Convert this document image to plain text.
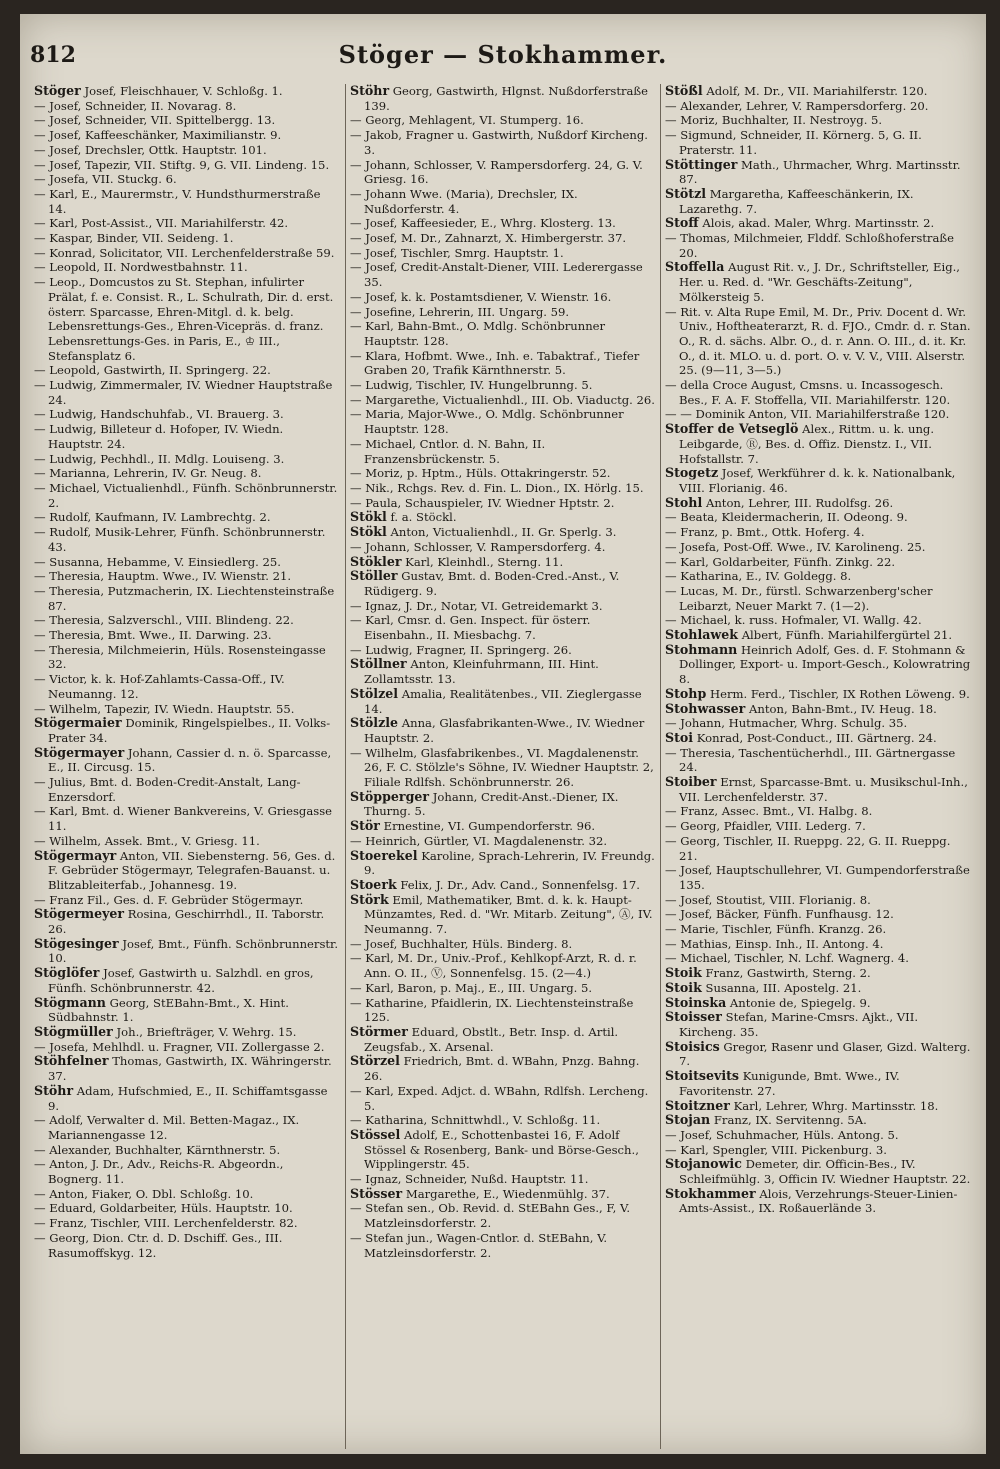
812	Stöger — Stokhammer.

Stöger Josef, Fleischhauer, V. Schloßg. 1.

— Josef, Schneider, II. Novarag. 8.

— Josef, Schneider, VII. Spittelbergg. 13.

— Josef, Kaffeeschänker, Maximilianstr. 9.

— Josef, Drechsler, Ottk. Hauptstr. 101.

— Josef, Tapezir, VII. Stiftg. 9, G. VII. Lindeng. 15.

— Josefa, VII. Stuckg. 6.

— Karl, E., Maurermstr., V. Hundsthurmerstraße 14.

— Karl, Post-Assist., VII. Mariahilferstr. 42.

— Kaspar, Binder, VII. Seideng. 1.

— Konrad, Solicitator, VII. Lerchenfelderstraße 59.

— Leopold, II. Nordwestbahnstr. 11.

— Leop., Domcustos zu St. Stephan, infulirter Prälat, f. e. Consist. R., L. Schulrath, Dir. d. erst. österr. Sparcasse, Ehren-Mitgl. d. k. belg. Lebensrettungs-Ges., Ehren-Vicepräs. d. franz. Lebensrettungs-Ges. in Paris, E., ♔ III., Stefansplatz 6.

— Leopold, Gastwirth, II. Springerg. 22.

— Ludwig, Zimmermaler, IV. Wiedner Hauptstraße 24.

— Ludwig, Handschuhfab., VI. Brauerg. 3.

— Ludwig, Billeteur d. Hofoper, IV. Wiedn. Hauptstr. 24.

— Ludwig, Pechhdl., II. Mdlg. Louiseng. 3.

— Marianna, Lehrerin, IV. Gr. Neug. 8.

— Michael, Victualienhdl., Fünfh. Schönbrunnerstr. 2.

— Rudolf, Kaufmann, IV. Lambrechtg. 2.

— Rudolf, Musik-Lehrer, Fünfh. Schönbrunnerstr. 43.

— Susanna, Hebamme, V. Einsiedlerg. 25.

— Theresia, Hauptm. Wwe., IV. Wienstr. 21.

— Theresia, Putzmacherin, IX. Liechtensteinstraße 87.

— Theresia, Salzverschl., VIII. Blindeng. 22.

— Theresia, Bmt. Wwe., II. Darwing. 23.

— Theresia, Milchmeierin, Hüls. Rosensteingasse 32.

— Victor, k. k. Hof-Zahlamts-Cassa-Off., IV. Neumanng. 12.

— Wilhelm, Tapezir, IV. Wiedn. Hauptstr. 55.

Stögermaier Dominik, Ringelspielbes., II. Volks-Prater 34.

Stögermayer Johann, Cassier d. n. ö. Sparcasse, E., II. Circusg. 15.

— Julius, Bmt. d. Boden-Credit-Anstalt, Lang-Enzersdorf.

— Karl, Bmt. d. Wiener Bankvereins, V. Griesgasse 11.

— Wilhelm, Assek. Bmt., V. Griesg. 11.

Stögermayr Anton, VII. Siebensterng. 56, Ges. d. F. Gebrüder Stögermayr, Telegrafen-Bauanst. u. Blitzableiterfab., Johannesg. 19.

— Franz Fil., Ges. d. F. Gebrüder Stögermayr.

Stögermeyer Rosina, Geschirrhdl., II. Taborstr. 26.

Stögesinger Josef, Bmt., Fünfh. Schönbrunnerstr. 10.

Stöglöfer Josef, Gastwirth u. Salzhdl. en gros, Fünfh. Schönbrunnerstr. 42.

Stögmann Georg, StEBahn-Bmt., X. Hint. Südbahnstr. 1.

Stögmüller Joh., Briefträger, V. Wehrg. 15.

— Josefa, Mehlhdl. u. Fragner, VII. Zollergasse 2.

Stöhfelner Thomas, Gastwirth, IX. Währingerstr. 37.

Stöhr Adam, Hufschmied, E., II. Schiffamtsgasse 9.

— Adolf, Verwalter d. Mil. Betten-Magaz., IX. Mariannengasse 12.

— Alexander, Buchhalter, Kärnthnerstr. 5.

— Anton, J. Dr., Adv., Reichs-R. Abgeordn., Bognerg. 11.

— Anton, Fiaker, O. Dbl. Schloßg. 10.

— Eduard, Goldarbeiter, Hüls. Hauptstr. 10.

— Franz, Tischler, VIII. Lerchenfelderstr. 82.

— Georg, Dion. Ctr. d. D. Dschiff. Ges., III. Rasumoffskyg. 12.

Stöhr Georg, Gastwirth, Hlgnst. Nußdorferstraße 139.

— Georg, Mehlagent, VI. Stumperg. 16.

— Jakob, Fragner u. Gastwirth, Nußdorf Kircheng. 3.

— Johann, Schlosser, V. Rampersdorferg. 24, G. V. Griesg. 16.

— Johann Wwe. (Maria), Drechsler, IX. Nußdorferstr. 4.

— Josef, Kaffeesieder, E., Whrg. Klosterg. 13.

— Josef, M. Dr., Zahnarzt, X. Himbergerstr. 37.

— Josef, Tischler, Smrg. Hauptstr. 1.

— Josef, Credit-Anstalt-Diener, VIII. Lederergasse 35.

— Josef, k. k. Postamtsdiener, V. Wienstr. 16.

— Josefine, Lehrerin, III. Ungarg. 59.

— Karl, Bahn-Bmt., O. Mdlg. Schönbrunner Hauptstr. 128.

— Klara, Hofbmt. Wwe., Inh. e. Tabaktraf., Tiefer Graben 20, Trafik Kärnthnerstr. 5.

— Ludwig, Tischler, IV. Hungelbrunng. 5.

— Margarethe, Victualienhdl., III. Ob. Viaductg. 26.

— Maria, Major-Wwe., O. Mdlg. Schönbrunner Hauptstr. 128.

— Michael, Cntlor. d. N. Bahn, II. Franzensbrückenstr. 5.

— Moriz, p. Hptm., Hüls. Ottakringerstr. 52.

— Nik., Rchgs. Rev. d. Fin. L. Dion., IX. Hörlg. 15.

— Paula, Schauspieler, IV. Wiedner Hptstr. 2.

Stökl f. a. Stöckl.

Stökl Anton, Victualienhdl., II. Gr. Sperlg. 3.

— Johann, Schlosser, V. Rampersdorferg. 4.

Stökler Karl, Kleinhdl., Sterng. 11.

Stöller Gustav, Bmt. d. Boden-Cred.-Anst., V. Rüdigerg. 9.

— Ignaz, J. Dr., Notar, VI. Getreidemarkt 3.

— Karl, Cmsr. d. Gen. Inspect. für österr. Eisenbahn., II. Miesbachg. 7.

— Ludwig, Fragner, II. Springerg. 26.

Stöllner Anton, Kleinfuhrmann, III. Hint. Zollamtsstr. 13.

Stölzel Amalia, Realitätenbes., VII. Zieglergasse 14.

Stölzle Anna, Glasfabrikanten-Wwe., IV. Wiedner Hauptstr. 2.

— Wilhelm, Glasfabrikenbes., VI. Magdalenenstr. 26, F. C. Stölzle's Söhne, IV. Wiedner Hauptstr. 2, Filiale Rdlfsh. Schönbrunnerstr. 26.

Stöpperger Johann, Credit-Anst.-Diener, IX. Thurng. 5.

Stör Ernestine, VI. Gumpendorferstr. 96.

— Heinrich, Gürtler, VI. Magdalenenstr. 32.

Stoerekel Karoline, Sprach-Lehrerin, IV. Freundg. 9.

Stoerk Felix, J. Dr., Adv. Cand., Sonnenfelsg. 17.

Störk Emil, Mathematiker, Bmt. d. k. k. Haupt-Münzamtes, Red. d. "Wr. Mitarb. Zeitung", Ⓐ, IV. Neumanng. 7.

— Josef, Buchhalter, Hüls. Binderg. 8.

— Karl, M. Dr., Univ.-Prof., Kehlkopf-Arzt, R. d. r. Ann. O. II., Ⓥ, Sonnenfelsg. 15. (2—4.)

— Karl, Baron, p. Maj., E., III. Ungarg. 5.

— Katharine, Pfaidlerin, IX. Liechtensteinstraße 125.

Störmer Eduard, Obstlt., Betr. Insp. d. Artil. Zeugsfab., X. Arsenal.

Störzel Friedrich, Bmt. d. WBahn, Pnzg. Bahng. 26.

— Karl, Exped. Adjct. d. WBahn, Rdlfsh. Lercheng. 5.

— Katharina, Schnittwhdl., V. Schloßg. 11.

Stössel Adolf, E., Schottenbastei 16, F. Adolf Stössel & Rosenberg, Bank- und Börse-Gesch., Wipplingerstr. 45.

— Ignaz, Schneider, Nußd. Hauptstr. 11.

Stösser Margarethe, E., Wiedenmühlg. 37.

— Stefan sen., Ob. Revid. d. StEBahn Ges., F, V. Matzleinsdorferstr. 2.

— Stefan jun., Wagen-Cntlor. d. StEBahn, V. Matzleinsdorferstr. 2.

Stößl Adolf, M. Dr., VII. Mariahilferstr. 120.

— Alexander, Lehrer, V. Rampersdorferg. 20.

— Moriz, Buchhalter, II. Nestroyg. 5.

— Sigmund, Schneider, II. Körnerg. 5, G. II. Praterstr. 11.

Stöttinger Math., Uhrmacher, Whrg. Martinsstr. 87.

Stötzl Margaretha, Kaffeeschänkerin, IX. Lazarethg. 7.

Stoff Alois, akad. Maler, Whrg. Martinsstr. 2.

— Thomas, Milchmeier, Flddf. Schloßhoferstraße 20.

Stoffella August Rit. v., J. Dr., Schriftsteller, Eig., Her. u. Red. d. "Wr. Geschäfts-Zeitung", Mölkersteig 5.

— Rit. v. Alta Rupe Emil, M. Dr., Priv. Docent d. Wr. Univ., Hoftheaterarzt, R. d. FJO., Cmdr. d. r. Stan. O., R. d. sächs. Albr. O., d. r. Ann. O. III., d. it. Kr. O., d. it. MLO. u. d. port. O. v. V. V., VIII. Alserstr. 25. (9—11, 3—5.)

— della Croce August, Cmsns. u. Incassogesch. Bes., F. A. F. Stoffella, VII. Mariahilferstr. 120.

— — Dominik Anton, VII. Mariahilferstraße 120.

Stoffer de Vetseglö Alex., Rittm. u. k. ung. Leibgarde, Ⓡ, Bes. d. Offiz. Dienstz. I., VII. Hofstallstr. 7.

Stogetz Josef, Werkführer d. k. k. Nationalbank, VIII. Florianig. 46.

Stohl Anton, Lehrer, III. Rudolfsg. 26.

— Beata, Kleidermacherin, II. Odeong. 9.

— Franz, p. Bmt., Ottk. Hoferg. 4.

— Josefa, Post-Off. Wwe., IV. Karolineng. 25.

— Karl, Goldarbeiter, Fünfh. Zinkg. 22.

— Katharina, E., IV. Goldegg. 8.

— Lucas, M. Dr., fürstl. Schwarzenberg'scher Leibarzt, Neuer Markt 7. (1—2).

— Michael, k. russ. Hofmaler, VI. Wallg. 42.

Stohlawek Albert, Fünfh. Mariahilfergürtel 21.

Stohmann Heinrich Adolf, Ges. d. F. Stohmann & Dollinger, Export- u. Import-Gesch., Kolowratring 8.

Stohp Herm. Ferd., Tischler, IX Rothen Löweng. 9.

Stohwasser Anton, Bahn-Bmt., IV. Heug. 18.

— Johann, Hutmacher, Whrg. Schulg. 35.

Stoi Konrad, Post-Conduct., III. Gärtnerg. 24.

— Theresia, Taschentücherhdl., III. Gärtnergasse 24.

Stoiber Ernst, Sparcasse-Bmt. u. Musikschul-Inh., VII. Lerchenfelderstr. 37.

— Franz, Assec. Bmt., VI. Halbg. 8.

— Georg, Pfaidler, VIII. Lederg. 7.

— Georg, Tischler, II. Rueppg. 22, G. II. Rueppg. 21.

— Josef, Hauptschullehrer, VI. Gumpendorferstraße 135.

— Josef, Stoutist, VIII. Florianig. 8.

— Josef, Bäcker, Fünfh. Funfhausg. 12.

— Marie, Tischler, Fünfh. Kranzg. 26.

— Mathias, Einsp. Inh., II. Antong. 4.

— Michael, Tischler, N. Lchf. Wagnerg. 4.

Stoik Franz, Gastwirth, Sterng. 2.

Stoik Susanna, III. Apostelg. 21.

Stoinska Antonie de, Spiegelg. 9.

Stoisser Stefan, Marine-Cmsrs. Ajkt., VII. Kircheng. 35.

Stoisics Gregor, Rasenr und Glaser, Gizd. Walterg. 7.

Stoitsevits Kunigunde, Bmt. Wwe., IV. Favoritenstr. 27.

Stoitzner Karl, Lehrer, Whrg. Martinsstr. 18.

Stojan Franz, IX. Servitenng. 5A.

— Josef, Schuhmacher, Hüls. Antong. 5.

— Karl, Spengler, VIII. Pickenburg. 3.

Stojanowic Demeter, dir. Officin-Bes., IV. Schleifmühlg. 3, Officin IV. Wiedner Hauptstr. 22.

Stokhammer Alois, Verzehrungs-Steuer-Linien-Amts-Assist., IX. Roßauerlände 3.
